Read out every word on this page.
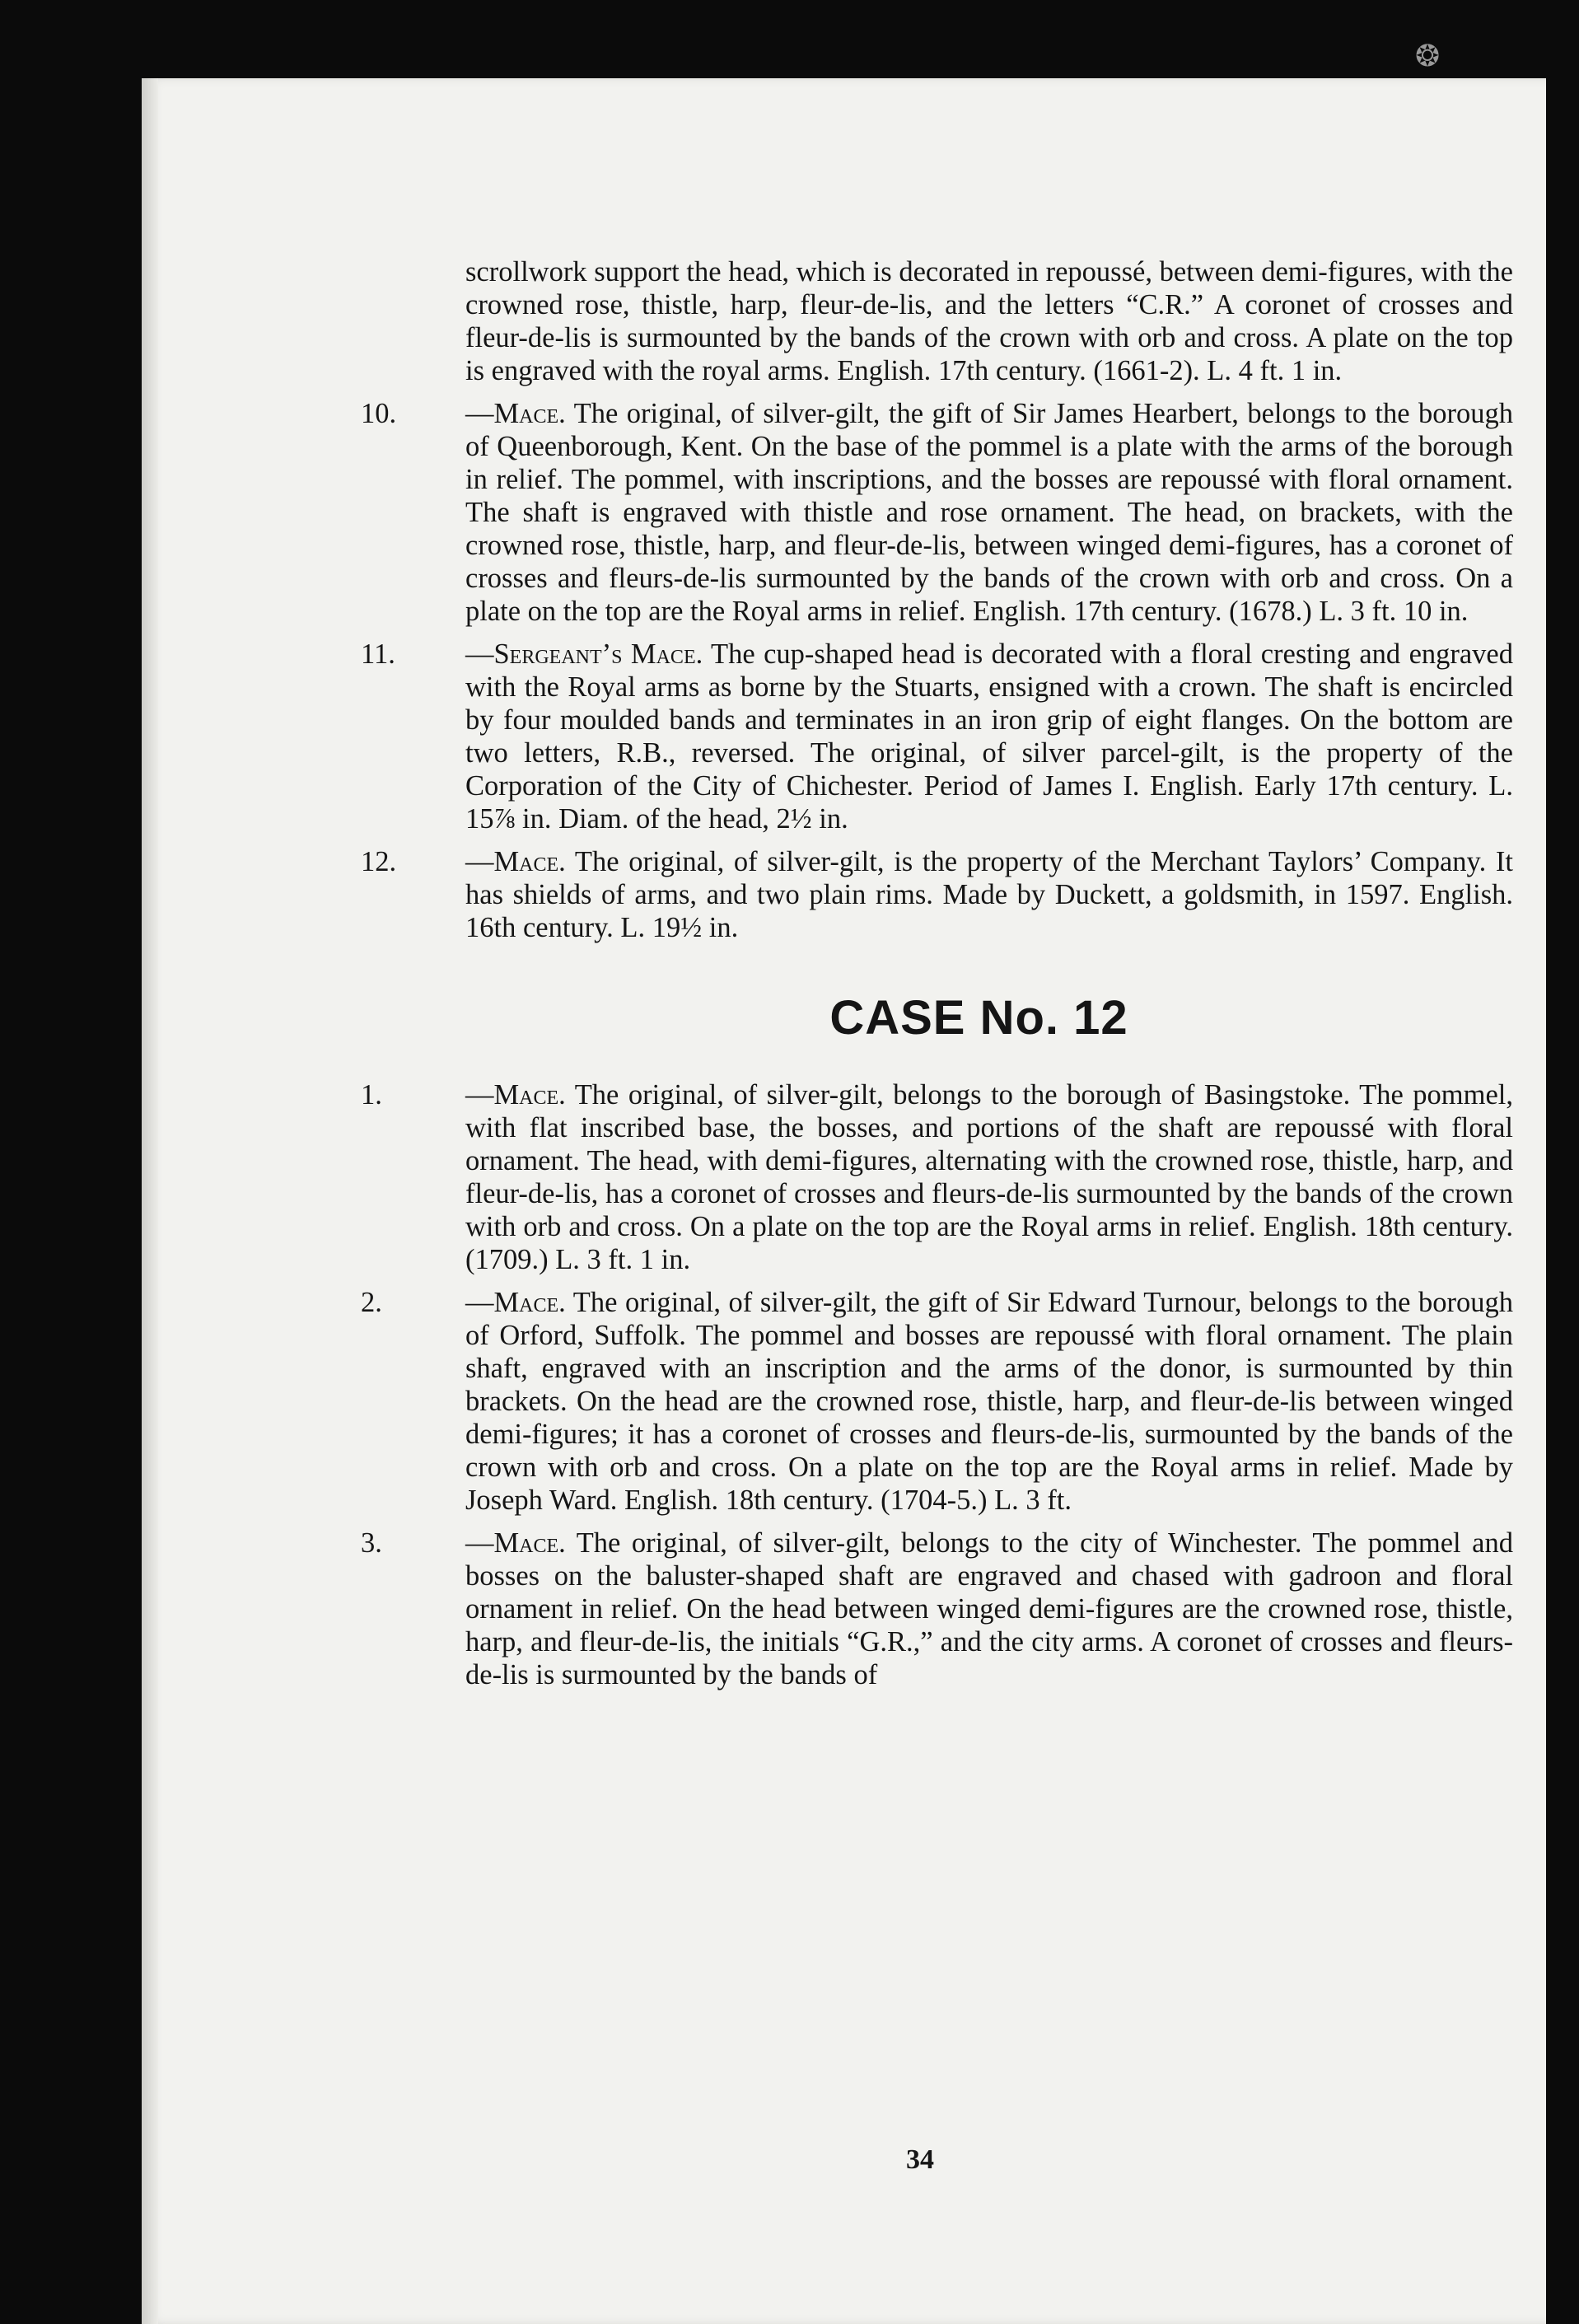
❂
scrollwork support the head, which is decorated in repoussé, between demi-figures, with the crowned rose, thistle, harp, fleur-de-lis, and the letters “C.R.” A coronet of crosses and fleur-de-lis is surmounted by the bands of the crown with orb and cross. A plate on the top is engraved with the royal arms. English. 17th century. (1661-2). L. 4 ft. 1 in.
10. —Mace. The original, of silver-gilt, the gift of Sir James Hearbert, belongs to the borough of Queenborough, Kent. On the base of the pommel is a plate with the arms of the borough in relief. The pommel, with inscriptions, and the bosses are repoussé with floral ornament. The shaft is engraved with thistle and rose ornament. The head, on brackets, with the crowned rose, thistle, harp, and fleur-de-lis, between winged demi-figures, has a coronet of crosses and fleurs-de-lis surmounted by the bands of the crown with orb and cross. On a plate on the top are the Royal arms in relief. English. 17th century. (1678.) L. 3 ft. 10 in.
11. —Sergeant’s Mace. The cup-shaped head is decorated with a floral cresting and engraved with the Royal arms as borne by the Stuarts, ensigned with a crown. The shaft is encircled by four moulded bands and terminates in an iron grip of eight flanges. On the bottom are two letters, R.B., reversed. The original, of silver parcel-gilt, is the property of the Corporation of the City of Chichester. Period of James I. English. Early 17th century. L. 15⅞ in. Diam. of the head, 2½ in.
12. —Mace. The original, of silver-gilt, is the property of the Merchant Taylors’ Company. It has shields of arms, and two plain rims. Made by Duckett, a goldsmith, in 1597. English. 16th century. L. 19½ in.
CASE No. 12
1.	—Mace. The original, of silver-gilt, belongs to the borough of Basingstoke. The pommel, with flat inscribed base, the bosses, and portions of the shaft are repoussé with floral ornament. The head, with demi-figures, alternating with the crowned rose, thistle, harp, and fleur-de-lis, has a coronet of crosses and fleurs-de-lis surmounted by the bands of the crown with orb and cross. On a plate on the top are the Royal arms in relief. English. 18th century. (1709.) L. 3 ft. 1 in.
2.	—Mace. The original, of silver-gilt, the gift of Sir Edward Turnour, belongs to the borough of Orford, Suffolk. The pommel and bosses are repoussé with floral ornament. The plain shaft, engraved with an inscription and the arms of the donor, is surmounted by thin brackets. On the head are the crowned rose, thistle, harp, and fleur-de-lis between winged demi-figures; it has a coronet of crosses and fleurs-de-lis, surmounted by the bands of the crown with orb and cross. On a plate on the top are the Royal arms in relief. Made by Joseph Ward. English. 18th century. (1704-5.) L. 3 ft.
3.	—Mace. The original, of silver-gilt, belongs to the city of Winchester. The pommel and bosses on the baluster-shaped shaft are engraved and chased with gadroon and floral ornament in relief. On the head between winged demi-figures are the crowned rose, thistle, harp, and fleur-de-lis, the initials “G.R.,” and the city arms. A coronet of crosses and fleurs-de-lis is surmounted by the bands of
34
